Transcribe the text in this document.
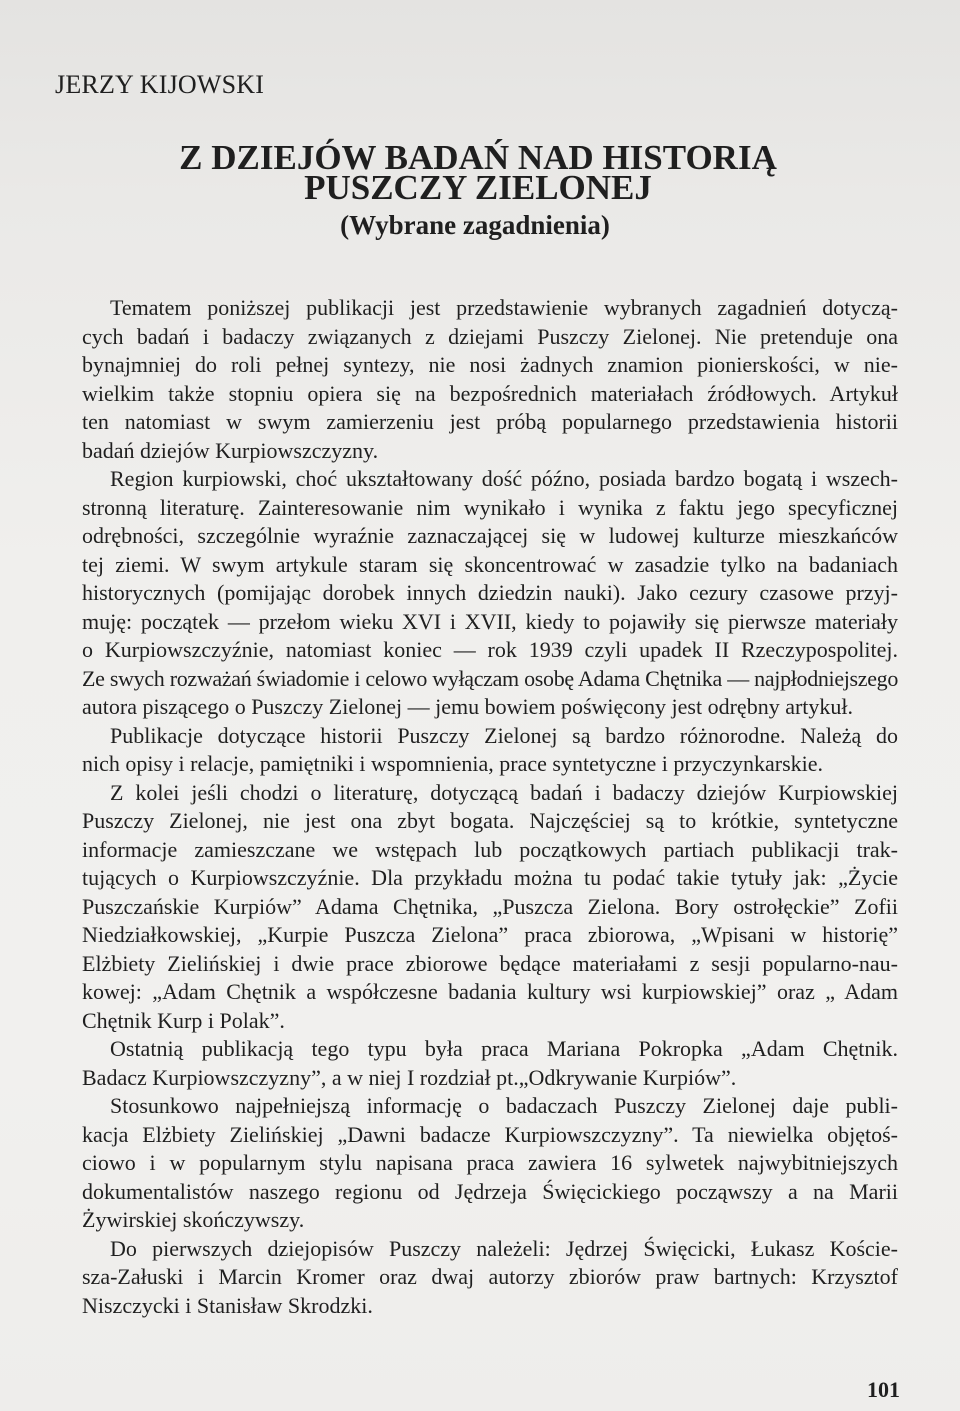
JERZY KIJOWSKI
Z DZIEJÓW BADAŃ NAD HISTORIĄ
PUSZCZY ZIELONEJ
(Wybrane zagadnienia)
Tematem poniższej publikacji jest przedstawienie wybranych zagadnień dotyczą-
cych badań i badaczy związanych z dziejami Puszczy Zielonej. Nie pretenduje ona
bynajmniej do roli pełnej syntezy, nie nosi żadnych znamion pionierskości, w nie-
wielkim także stopniu opiera się na bezpośrednich materiałach źródłowych. Artykuł
ten natomiast w swym zamierzeniu jest próbą popularnego przedstawienia historii
badań dziejów Kurpiowszczyzny.
Region kurpiowski, choć ukształtowany dość późno, posiada bardzo bogatą i wszech-
stronną literaturę. Zainteresowanie nim wynikało i wynika z faktu jego specyficznej
odrębności, szczególnie wyraźnie zaznaczającej się w ludowej kulturze mieszkańców
tej ziemi. W swym artykule staram się skoncentrować w zasadzie tylko na badaniach
historycznych (pomijając dorobek innych dziedzin nauki). Jako cezury czasowe przyj-
muję: początek — przełom wieku XVI i XVII, kiedy to pojawiły się pierwsze materiały
o Kurpiowszczyźnie, natomiast koniec — rok 1939 czyli upadek II Rzeczypospolitej.
Ze swych rozważań świadomie i celowo wyłączam osobę Adama Chętnika — najpłodniejszego
autora piszącego o Puszczy Zielonej — jemu bowiem poświęcony jest odrębny artykuł.
Publikacje dotyczące historii Puszczy Zielonej są bardzo różnorodne. Należą do
nich opisy i relacje, pamiętniki i wspomnienia, prace syntetyczne i przyczynkarskie.
Z kolei jeśli chodzi o literaturę, dotyczącą badań i badaczy dziejów Kurpiowskiej
Puszczy Zielonej, nie jest ona zbyt bogata. Najczęściej są to krótkie, syntetyczne
informacje zamieszczane we wstępach lub początkowych partiach publikacji trak-
tujących o Kurpiowszczyźnie. Dla przykładu można tu podać takie tytuły jak: „Życie
Puszczańskie Kurpiów” Adama Chętnika, „Puszcza Zielona. Bory ostrołęckie” Zofii
Niedziałkowskiej, „Kurpie Puszcza Zielona” praca zbiorowa, „Wpisani w historię”
Elżbiety Zielińskiej i dwie prace zbiorowe będące materiałami z sesji popularno-nau-
kowej: „Adam Chętnik a współczesne badania kultury wsi kurpiowskiej” oraz „ Adam
Chętnik Kurp i Polak”.
Ostatnią publikacją tego typu była praca Mariana Pokropka „Adam Chętnik.
Badacz Kurpiowszczyzny”, a w niej I rozdział pt.„Odkrywanie Kurpiów”.
Stosunkowo najpełniejszą informację o badaczach Puszczy Zielonej daje publi-
kacja Elżbiety Zielińskiej „Dawni badacze Kurpiowszczyzny”. Ta niewielka objętoś-
ciowo i w popularnym stylu napisana praca zawiera 16 sylwetek najwybitniejszych
dokumentalistów naszego regionu od Jędrzeja Święcickiego począwszy a na Marii
Żywirskiej skończywszy.
Do pierwszych dziejopisów Puszczy należeli: Jędrzej Święcicki, Łukasz Koście-
sza-Załuski i Marcin Kromer oraz dwaj autorzy zbiorów praw bartnych: Krzysztof
Niszczycki i Stanisław Skrodzki.
101
